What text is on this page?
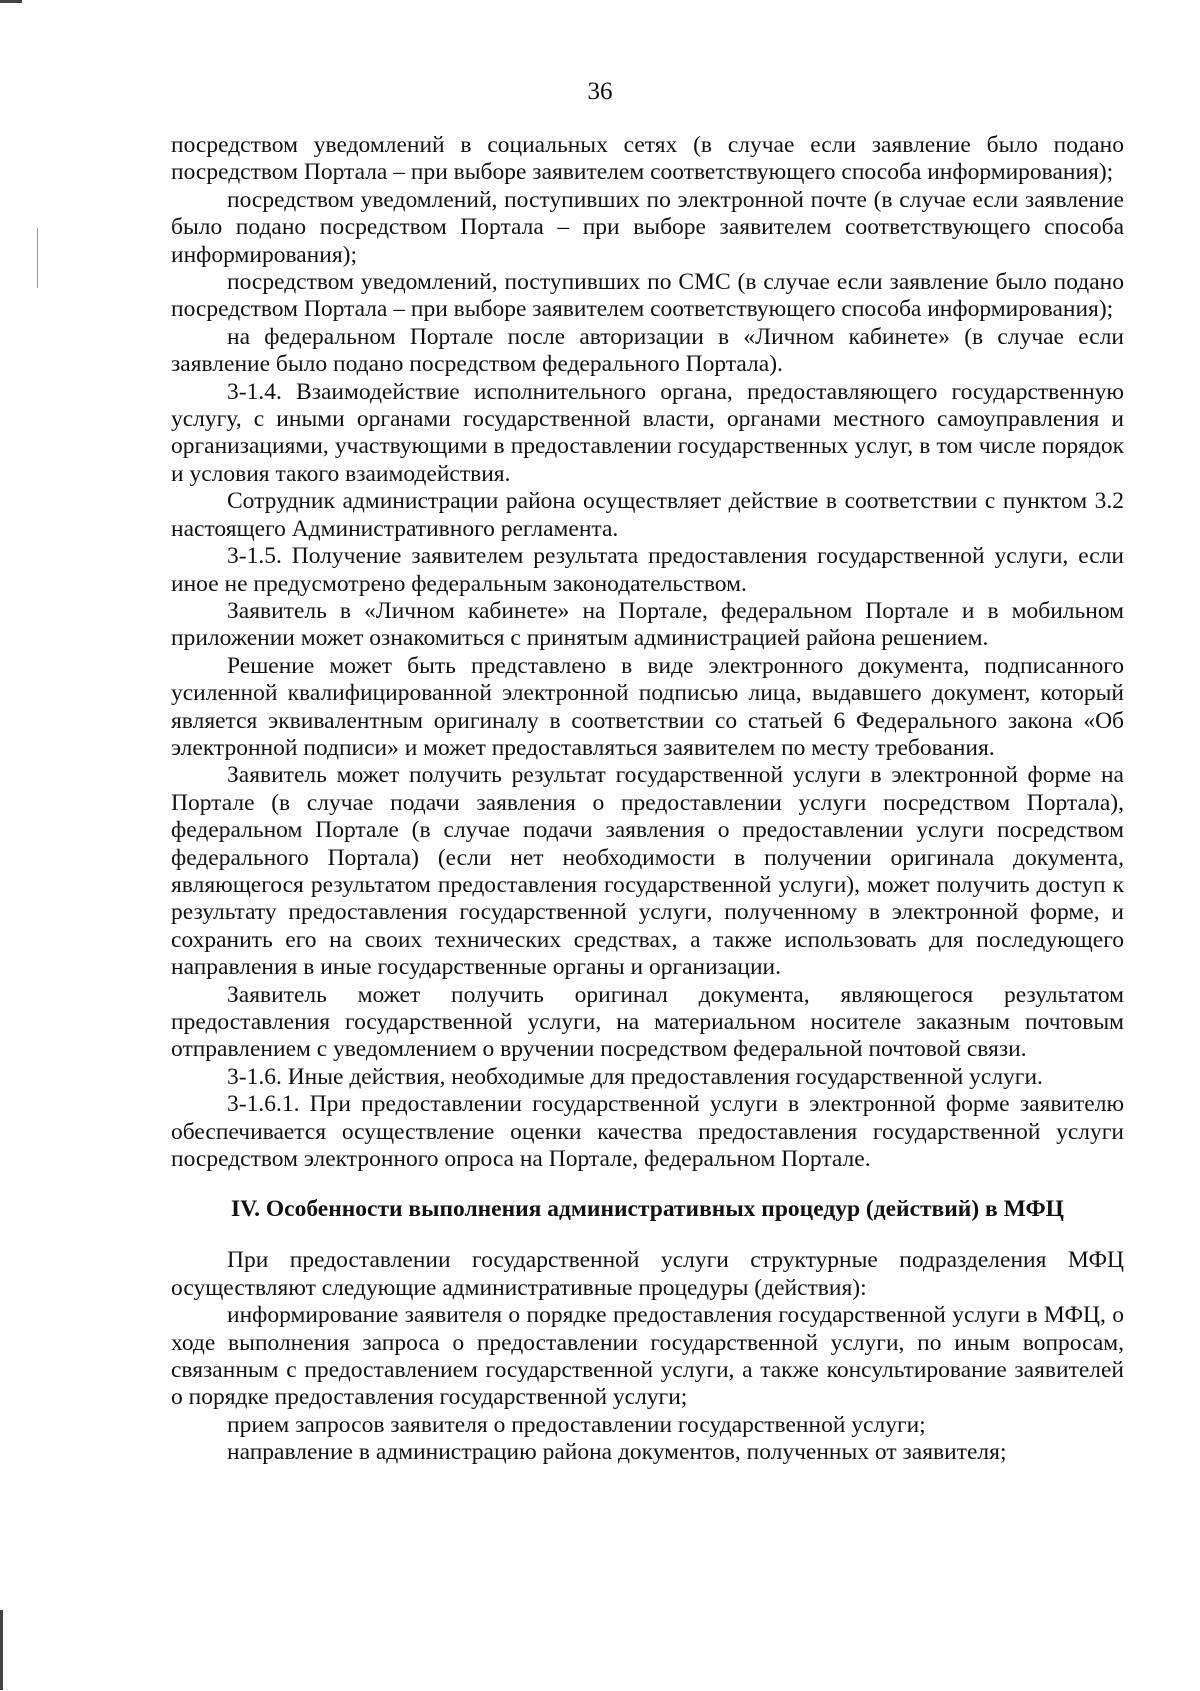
36

посредством уведомлений в социальных сетях (в случае если заявление было подано посредством Портала – при выборе заявителем соответствующего способа информирования);

посредством уведомлений, поступивших по электронной почте (в случае если заявление было подано посредством Портала – при выборе заявителем соответствующего способа информирования);

посредством уведомлений, поступивших по СМС (в случае если заявление было подано посредством Портала – при выборе заявителем соответствующего способа информирования);

на федеральном Портале после авторизации в «Личном кабинете» (в случае если заявление было подано посредством федерального Портала).

3-1.4. Взаимодействие исполнительного органа, предоставляющего государственную услугу, с иными органами государственной власти, органами местного самоуправления и организациями, участвующими в предоставлении государственных услуг, в том числе порядок и условия такого взаимодействия.

Сотрудник администрации района осуществляет действие в соответствии с пунктом 3.2 настоящего Административного регламента.

3-1.5. Получение заявителем результата предоставления государственной услуги, если иное не предусмотрено федеральным законодательством.

Заявитель в «Личном кабинете» на Портале, федеральном Портале и в мобильном приложении может ознакомиться с принятым администрацией района решением.

Решение может быть представлено в виде электронного документа, подписанного усиленной квалифицированной электронной подписью лица, выдавшего документ, который является эквивалентным оригиналу в соответствии со статьей 6 Федерального закона «Об электронной подписи» и может предоставляться заявителем по месту требования.

Заявитель может получить результат государственной услуги в электронной форме на Портале (в случае подачи заявления о предоставлении услуги посредством Портала), федеральном Портале (в случае подачи заявления о предоставлении услуги посредством федерального Портала) (если нет необходимости в получении оригинала документа, являющегося результатом предоставления государственной услуги), может получить доступ к результату предоставления государственной услуги, полученному в электронной форме, и сохранить его на своих технических средствах, а также использовать для последующего направления в иные государственные органы и организации.

Заявитель может получить оригинал документа, являющегося результатом предоставления государственной услуги, на материальном носителе заказным почтовым отправлением с уведомлением о вручении посредством федеральной почтовой связи.

3-1.6. Иные действия, необходимые для предоставления государственной услуги.

3-1.6.1. При предоставлении государственной услуги в электронной форме заявителю обеспечивается осуществление оценки качества предоставления государственной услуги посредством электронного опроса на Портале, федеральном Портале.

IV. Особенности выполнения административных процедур (действий) в МФЦ

При предоставлении государственной услуги структурные подразделения МФЦ осуществляют следующие административные процедуры (действия):

информирование заявителя о порядке предоставления государственной услуги в МФЦ, о ходе выполнения запроса о предоставлении государственной услуги, по иным вопросам, связанным с предоставлением государственной услуги, а также консультирование заявителей о порядке предоставления государственной услуги;

прием запросов заявителя о предоставлении государственной услуги;

направление в администрацию района документов, полученных от заявителя;
